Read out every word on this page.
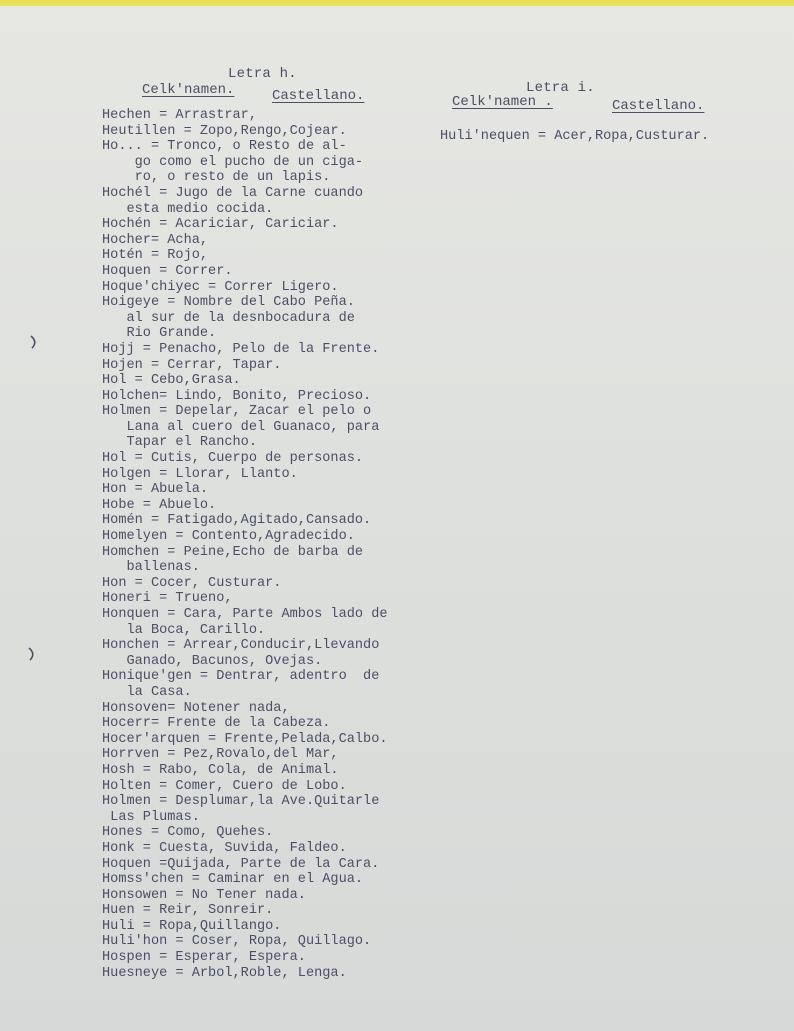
Letra h.
Celk'namen.	Castellano.
Hechen = Arrastrar,
Heutillen = Zopo,Rengo,Cojear.
Ho... = Tronco, o Resto de al-
go como el pucho de un ciga-
ro, o resto de un lapis.
Hochél = Jugo de la Carne cuando
esta medio cocida.
Hochén = Acariciar, Cariciar.
Hocher= Acha,
Hotén = Rojo,
Hoquen = Correr.
Hoque'chiyec = Correr Ligero.
Hoigeye = Nombre del Cabo Peña.
al sur de la desnbocadura de
Rio Grande.
Hojj = Penacho, Pelo de la Frente.
Hojen = Cerrar, Tapar.
Hol = Cebo,Grasa.
Holchen= Lindo, Bonito, Precioso.
Holmen = Depelar, Zacar el pelo o
Lana al cuero del Guanaco, para
Tapar el Rancho.
Hol = Cutis, Cuerpo de personas.
Holgen = Llorar, Llanto.
Hon = Abuela.
Hobe = Abuelo.
Homén = Fatigado,Agitado,Cansado.
Homelyen = Contento,Agradecido.
Homchen = Peine,Echo de barba de
ballenas.
Hon = Cocer, Custurar.
Honeri = Trueno,
Honquen = Cara, Parte Ambos lado de
la Boca, Carillo.
Honchen = Arrear,Conducir,Llevando
Ganado, Bacunos, Ovejas.
Honique'gen = Dentrar, adentro  de
la Casa.
Honsoven= Notener nada,
Hocerr= Frente de la Cabeza.
Hocer'arquen = Frente,Pelada,Calbo.
Horrven = Pez,Rovalo,del Mar,
Hosh = Rabo, Cola, de Animal.
Holten = Comer, Cuero de Lobo.
Holmen = Desplumar,la Ave.Quitarle
Las Plumas.
Hones = Como, Quehes.
Honk = Cuesta, Suvida, Faldeo.
Hoquen =Quijada, Parte de la Cara.
Homss'chen = Caminar en el Agua.
Honsowen = No Tener nada.
Huen = Reir, Sonreir.
Huli = Ropa,Quillango.
Huli'hon = Coser, Ropa, Quillago.
Hospen = Esperar, Espera.
Huesneye = Arbol,Roble, Lenga.
Letra i.
Celk'namen .	Castellano.
Huli'nequen = Acer,Ropa,Custurar.
